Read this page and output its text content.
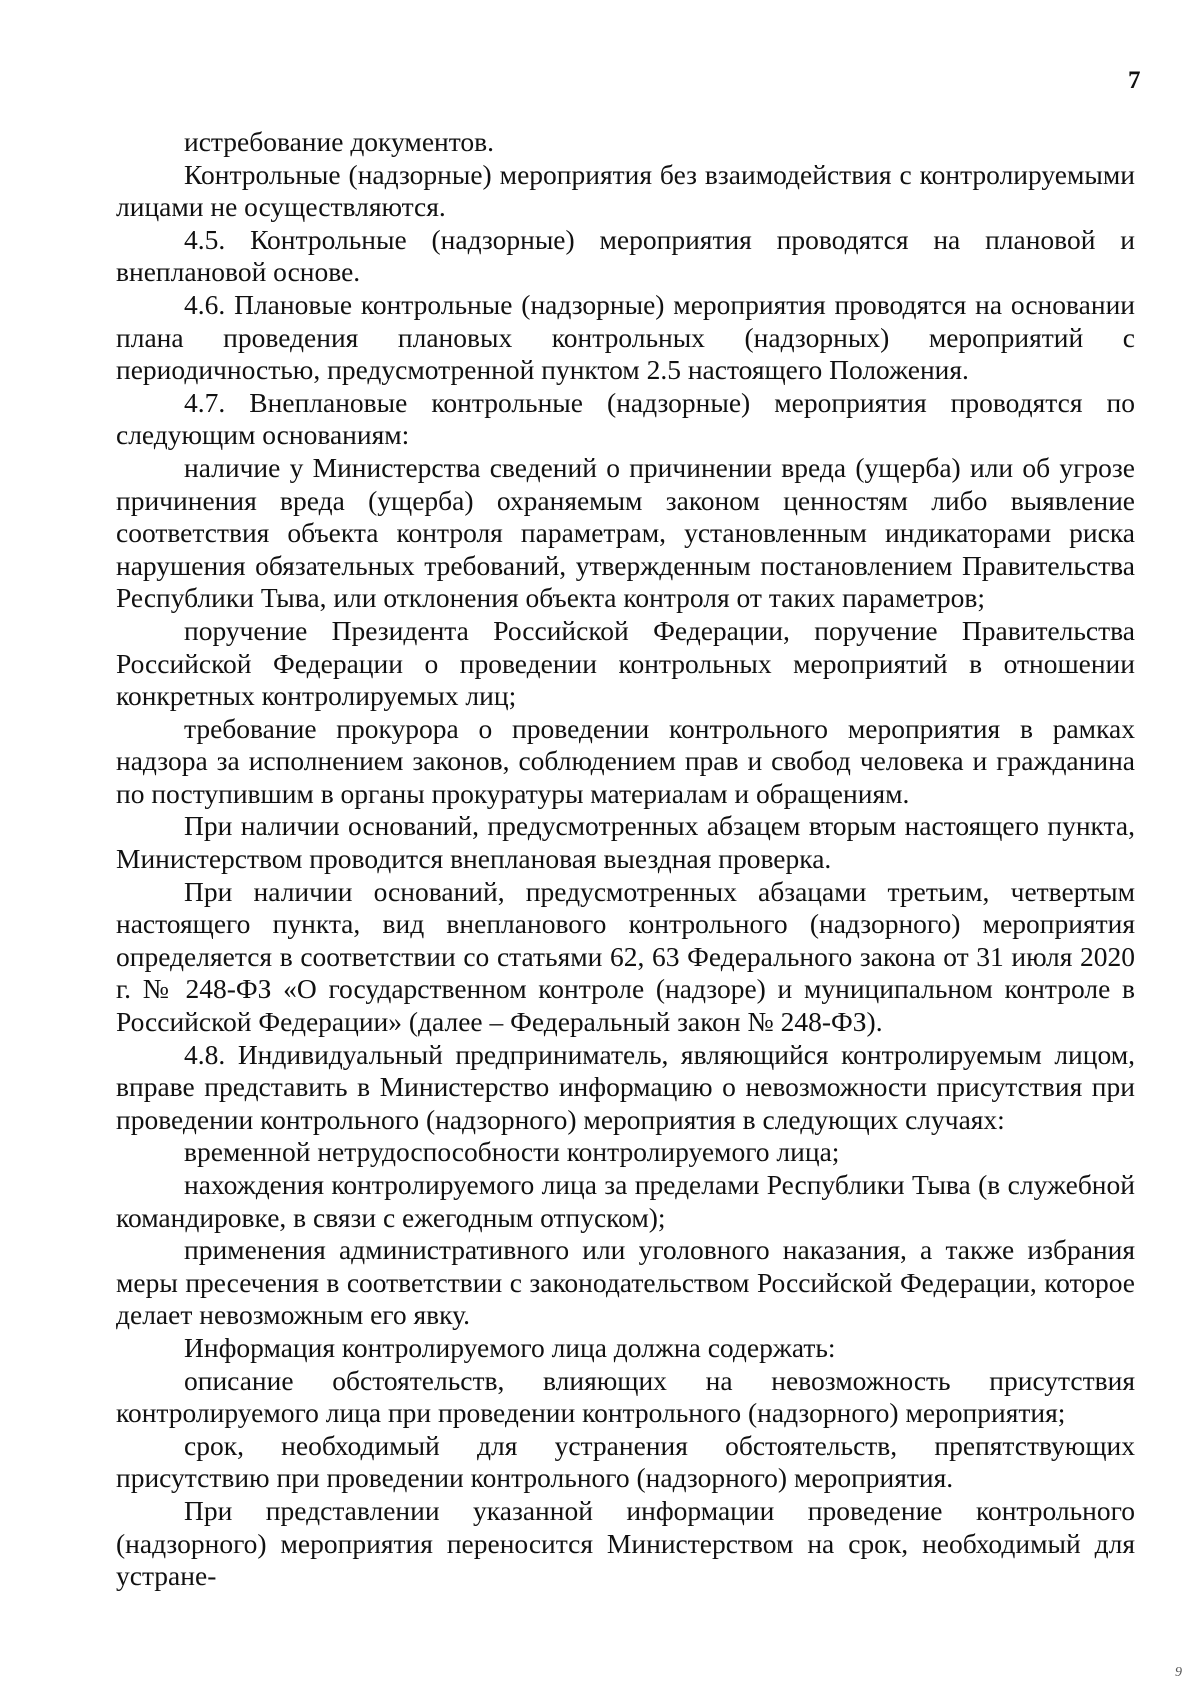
7

истребование документов.

Контрольные (надзорные) мероприятия без взаимодействия с контролируемыми лицами не осуществляются.

4.5. Контрольные (надзорные) мероприятия проводятся на плановой и внеплановой основе.

4.6. Плановые контрольные (надзорные) мероприятия проводятся на основании плана проведения плановых контрольных (надзорных) мероприятий с периодичностью, предусмотренной пунктом 2.5 настоящего Положения.

4.7. Внеплановые контрольные (надзорные) мероприятия проводятся по следующим основаниям:

наличие у Министерства сведений о причинении вреда (ущерба) или об угрозе причинения вреда (ущерба) охраняемым законом ценностям либо выявление соответствия объекта контроля параметрам, установленным индикаторами риска нарушения обязательных требований, утвержденным постановлением Правительства Республики Тыва, или отклонения объекта контроля от таких параметров;

поручение Президента Российской Федерации, поручение Правительства Российской Федерации о проведении контрольных мероприятий в отношении конкретных контролируемых лиц;

требование прокурора о проведении контрольного мероприятия в рамках надзора за исполнением законов, соблюдением прав и свобод человека и гражданина по поступившим в органы прокуратуры материалам и обращениям.

При наличии оснований, предусмотренных абзацем вторым настоящего пункта, Министерством проводится внеплановая выездная проверка.

При наличии оснований, предусмотренных абзацами третьим, четвертым настоящего пункта, вид внепланового контрольного (надзорного) мероприятия определяется в соответствии со статьями 62, 63 Федерального закона от 31 июля 2020 г. № 248-ФЗ «О государственном контроле (надзоре) и муниципальном контроле в Российской Федерации» (далее – Федеральный закон № 248-ФЗ).

4.8. Индивидуальный предприниматель, являющийся контролируемым лицом, вправе представить в Министерство информацию о невозможности присутствия при проведении контрольного (надзорного) мероприятия в следующих случаях:

временной нетрудоспособности контролируемого лица;

нахождения контролируемого лица за пределами Республики Тыва (в служебной командировке, в связи с ежегодным отпуском);

применения административного или уголовного наказания, а также избрания меры пресечения в соответствии с законодательством Российской Федерации, которое делает невозможным его явку.

Информация контролируемого лица должна содержать:

описание обстоятельств, влияющих на невозможность присутствия контролируемого лица при проведении контрольного (надзорного) мероприятия;

срок, необходимый для устранения обстоятельств, препятствующих присутствию при проведении контрольного (надзорного) мероприятия.

При представлении указанной информации проведение контрольного (надзорного) мероприятия переносится Министерством на срок, необходимый для устране-

9
